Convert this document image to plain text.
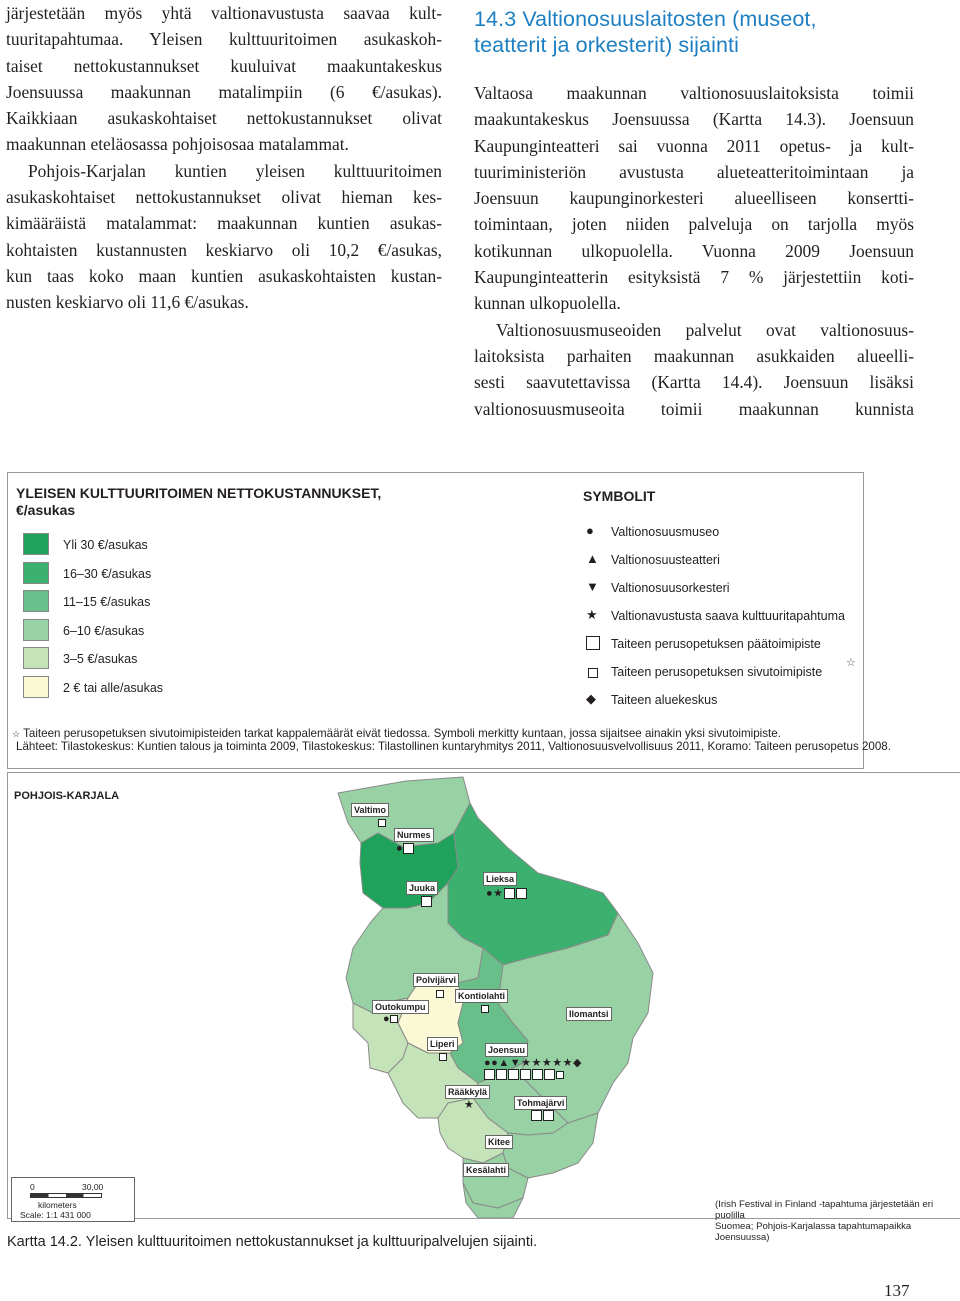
järjestetään myös yhtä valtionavustusta saavaa kult-
tuuritapahtumaa. Yleisen kulttuuritoimen asukaskoh-
taiset nettokustannukset kuuluivat maakuntakeskus
Joensuussa maakunnan matalimpiin (6 €/asukas).
Kaikkiaan asukaskohtaiset nettokustannukset olivat
maakunnan eteläosassa pohjoisosaa matalammat.

Pohjois-Karjalan kuntien yleisen kulttuuritoimen
asukaskohtaiset nettokustannukset olivat hieman kes-
kimääräistä matalammat: maakunnan kuntien asukas-
kohtaisten kustannusten keskiarvo oli 10,2 €/asukas,
kun taas koko maan kuntien asukaskohtaisten kustan-
nusten keskiarvo oli 11,6 €/asukas.

14.3 Valtionosuuslaitosten (museot,
teatterit ja orkesterit) sijainti

Valtaosa maakunnan valtionosuuslaitoksista toimii
maakuntakeskus Joensuussa (Kartta 14.3). Joensuun
Kaupunginteatteri sai vuonna 2011 opetus- ja kult-
tuuriministeriön avustusta alueteatteritoimintaan ja
Joensuun kaupunginorkesteri alueelliseen konsertti-
toimintaan, joten niiden palveluja on tarjolla myös
kotikunnan ulkopuolella. Vuonna 2009 Joensuun
Kaupunginteatterin esityksistä 7 % järjestettiin koti-
kunnan ulkopuolella.

Valtionosuusmuseoiden palvelut ovat valtionosuus-
laitoksista parhaiten maakunnan asukkaiden alueelli-
sesti saavutettavissa (Kartta 14.4). Joensuun lisäksi
valtionosuusmuseoita toimii maakunnan kunnista

YLEISEN KULTTUURITOIMEN NETTOKUSTANNUKSET,
€/asukas
Yli 30 €/asukas
16–30 €/asukas
11–15 €/asukas
6–10 €/asukas
3–5 €/asukas
2 € tai alle/asukas
SYMBOLIT
● Valtionosuusmuseo
▲ Valtionosuusteatteri
▼ Valtionosuusorkesteri
★ Valtionavustusta saava kulttuuritapahtuma
Taiteen perusopetuksen päätoimipiste
Taiteen perusopetuksen sivutoimipiste
◆ Taiteen aluekeskus
☆
☆ Taiteen perusopetuksen sivutoimipisteiden tarkat kappalemäärät eivät tiedossa. Symboli merkitty kuntaan, jossa sijaitsee ainakin yksi sivutoimipiste.
Lähteet: Tilastokeskus: Kuntien talous ja toiminta 2009, Tilastokeskus: Tilastollinen kuntaryhmitys 2011, Valtionosuusvelvollisuus 2011, Koramo: Taiteen perusopetus 2008.
POHJOIS-KARJALA
Valtimo
Nurmes
●
Lieksa
●★
Juuka
Polvijärvi
Kontiolahti
Outokumpu
●	Ilomantsi
Liperi
Joensuu
●●▲▼★★★★★◆

Rääkkylä
★	Tohmajärvi
Kitee
Kesälahti
0	30,00
kilometers
Scale: 1:1 431 000
(Irish Festival in Finland -tapahtuma järjestetään eri puolilla
Suomea; Pohjois-Karjalassa tapahtumapaikka Joensuussa)
Kartta 14.2. Yleisen kulttuuritoimen nettokustannukset ja kulttuuripalvelujen sijainti.
137
